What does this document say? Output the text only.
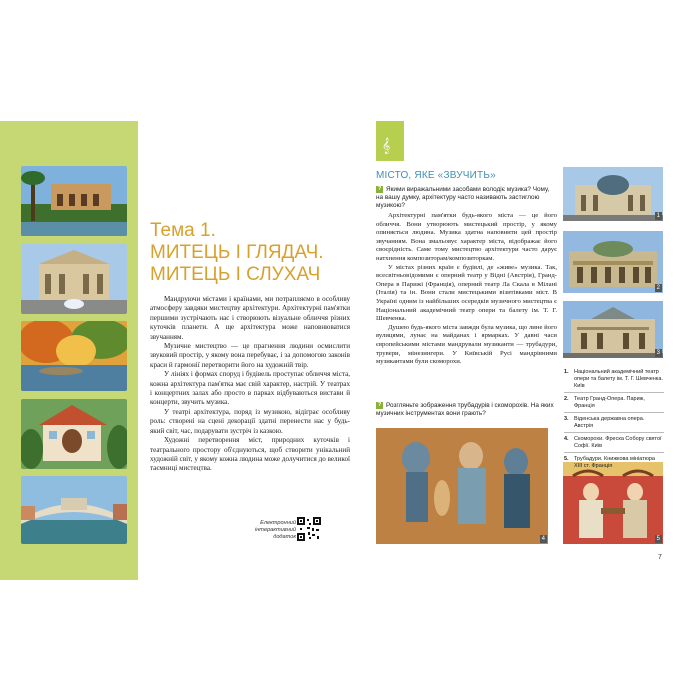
Тема 1.
МИТЕЦЬ І ГЛЯДАЧ.
МИТЕЦЬ І СЛУХАЧ

Мандруючи містами і країнами, ми потрапляємо в особливу атмосферу завдяки мистецтву архітектури. Архітектурні пам'ятки першими зустрічають нас і створюють візуальне обличчя різних куточків планети. А ще архітектура може наповнюватися звучанням.

Музичне мистецтво — це прагнення людини осмислити звуковий простір, у якому вона перебуває, і за допомогою законів краси й гармонії перетворити його на художній твір.

У лініях і формах споруд і будівель проступає обличчя міста, кожна архітектура пам'ятка має свій характер, настрій. У театрах і концертних залах або просто в парках відбуваються вистави й концерти, звучить музика.

У театрі архітектура, поряд із музикою, відіграє особливу роль: створені на сцені декорації здатні перенести нас у будь-який світ, час, подарувати зустріч із казкою.

Художні перетворення міст, природних куточків і театрального простору об'єднуються, щоб створити унікальний художній світ, у якому кожна людина може долучитися до великої таємниці мистецтва.

Електронний інтерактивний додаток
𝄞
МІСТО, ЯКЕ «ЗВУЧИТЬ»
? Якими виражальними засобами володіє музика? Чому, на вашу думку, архітектуру часто називають застиглою музикою?

Архітектурні пам'ятки будь-якого міста — це його обличчя. Вони утворюють мистецький простір, у якому опиняється людина. Музика здатна наповнити цей простір звучанням. Вона змальовує характер міста, відображає його своєрідність. Саме тому мистецтво архітектури часто дарує натхнення композиторам/композиторкам.

У містах різних країн є будівлі, де «живе» музика. Так, всесвітньовідомими є оперний театр у Відні (Австрія), Гранд-Опера в Парижі (Франція), оперний театр Ла Скала в Мілані (Італія) та ін. Вони стали мистецькими візитівками міст. В Україні одним із найбільших осередків музичного мистецтва є Національний академічний театр опери та балету ім. Т. Г. Шевченка.

Душею будь-якого міста завжди була музика, що лине його вулицями, лунає на майданах і ярмарках. У давні часи європейськими містами мандрували музиканти — трубадури, трувери, мінезингери. У Київській Русі мандрівними музикантами були скоморохи.

? Розгляньте зображення трубадурів і скоморохів. На яких музичних інструментах вони грають?
1
2
3
4	5
1. Національний академічний театр опери та балету ім. Т. Г. Шевченка. Київ
2. Театр Гранд-Опера. Париж, Франція
3. Віденська державна опера. Австрія
4. Скоморохи. Фреска Собору святої Софії. Київ
5. Трубадури. Книжкова мініатюра XIII ст. Франція
7
